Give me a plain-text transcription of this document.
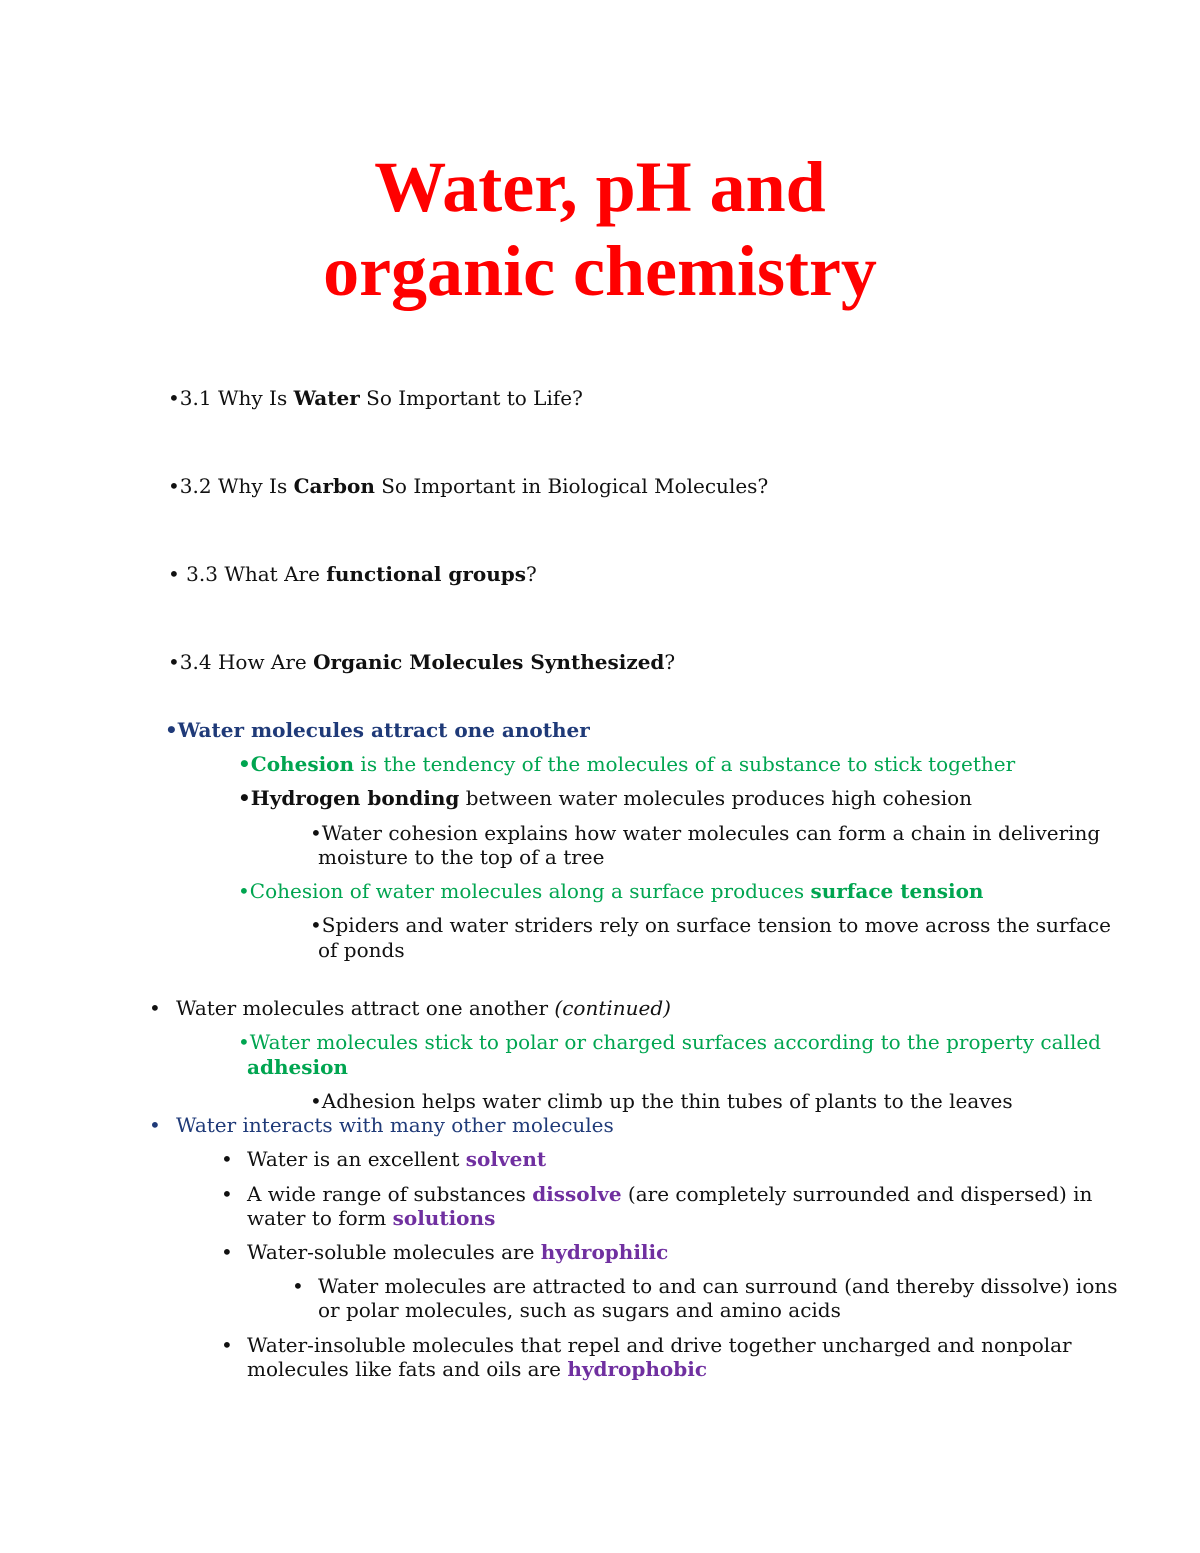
Water, pH and
organic chemistry
•3.1 Why Is Water So Important to Life?
•3.2 Why Is Carbon So Important in Biological Molecules?
• 3.3 What Are functional groups?
•3.4 How Are Organic Molecules Synthesized?
•Water molecules attract one another
•Cohesion is the tendency of the molecules of a substance to stick together
•Hydrogen bonding between water molecules produces high cohesion
•Water cohesion explains how water molecules can form a chain in delivering
moisture to the top of a tree
•Cohesion of water molecules along a surface produces surface tension
•Spiders and water striders rely on surface tension to move across the surface
of ponds
• Water molecules attract one another (continued)
•Water molecules stick to polar or charged surfaces according to the property called
adhesion
•Adhesion helps water climb up the thin tubes of plants to the leaves
• Water interacts with many other molecules
• Water is an excellent solvent
• A wide range of substances dissolve (are completely surrounded and dispersed) in
water to form solutions
• Water-soluble molecules are hydrophilic
• Water molecules are attracted to and can surround (and thereby dissolve) ions
or polar molecules, such as sugars and amino acids
• Water-insoluble molecules that repel and drive together uncharged and nonpolar
molecules like fats and oils are hydrophobic
